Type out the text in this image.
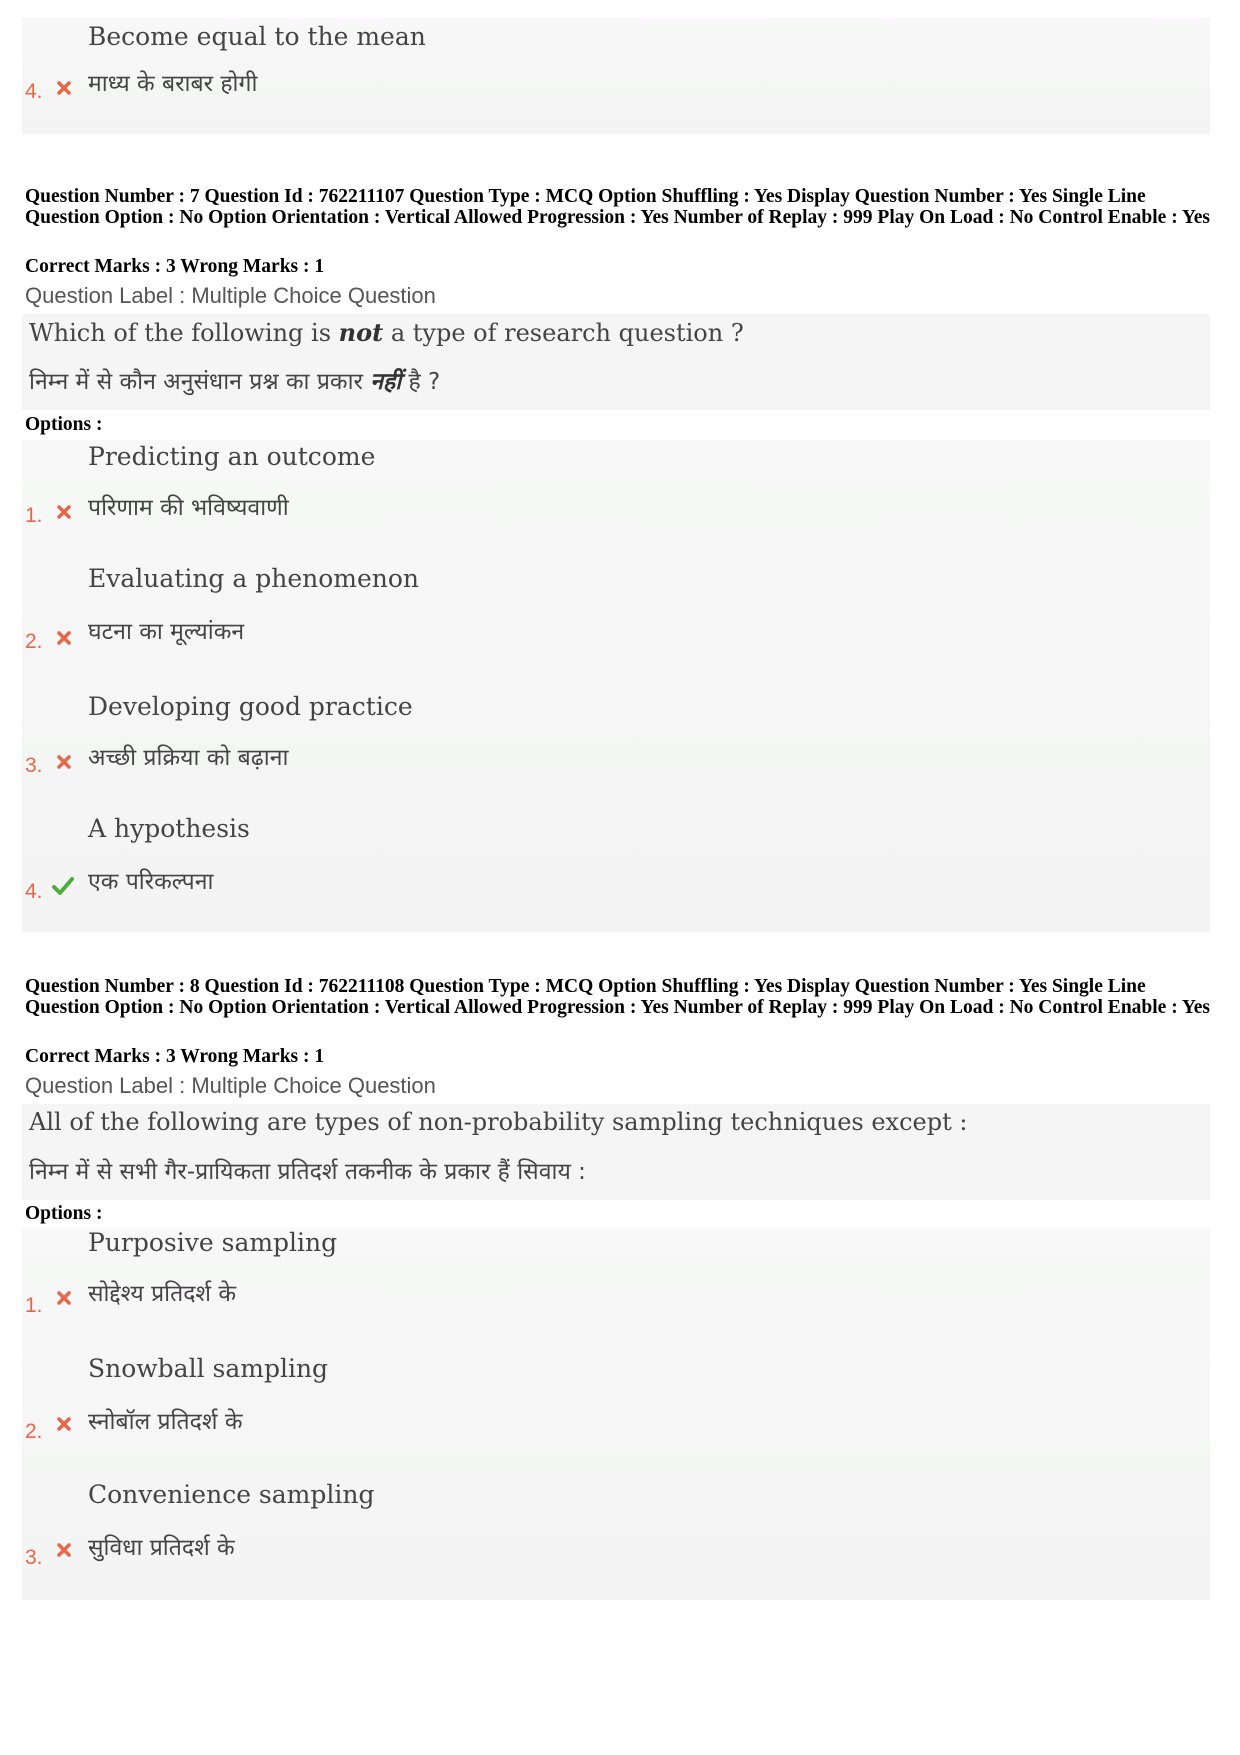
Become equal to the mean
माध्य के बराबर होगी
4.
Question Number : 7 Question Id : 762211107 Question Type : MCQ Option Shuffling : Yes Display Question Number : Yes Single Line Question Option : No Option Orientation : Vertical Allowed Progression : Yes Number of Replay : 999 Play On Load : No Control Enable : Yes
Correct Marks : 3 Wrong Marks : 1
Question Label : Multiple Choice Question
Which of the following is not a type of research question ?
निम्न में से कौन अनुसंधान प्रश्न का प्रकार नहीं है ?
Options :
Predicting an outcome
परिणाम की भविष्यवाणी
1.
Evaluating a phenomenon
घटना का मूल्यांकन
2.
Developing good practice
अच्छी प्रक्रिया को बढ़ाना
3.
A hypothesis
एक परिकल्पना
4.
Question Number : 8 Question Id : 762211108 Question Type : MCQ Option Shuffling : Yes Display Question Number : Yes Single Line Question Option : No Option Orientation : Vertical Allowed Progression : Yes Number of Replay : 999 Play On Load : No Control Enable : Yes
Correct Marks : 3 Wrong Marks : 1
Question Label : Multiple Choice Question
All of the following are types of non-probability sampling techniques except :
निम्न में से सभी गैर-प्रायिकता प्रतिदर्श तकनीक के प्रकार हैं सिवाय :
Options :
Purposive sampling
सोद्देश्य प्रतिदर्श के
1.
Snowball sampling
स्नोबॉल प्रतिदर्श के
2.
Convenience sampling
सुविधा प्रतिदर्श के
3.
